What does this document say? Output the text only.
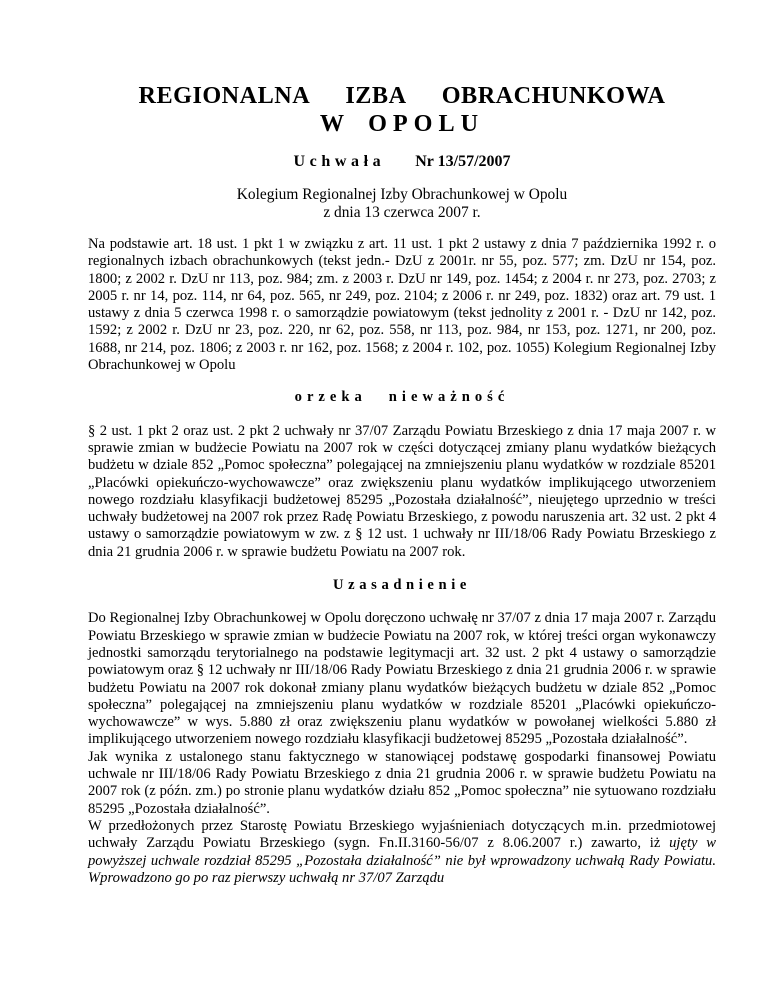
REGIONALNA IZBA OBRACHUNKOWA
W OPOLU
Uchwała Nr 13/57/2007
Kolegium Regionalnej Izby Obrachunkowej w Opolu
z dnia 13 czerwca 2007 r.

Na podstawie art. 18 ust. 1 pkt 1 w związku z art. 11 ust. 1 pkt 2 ustawy z dnia 7 października 1992 r. o regionalnych izbach obrachunkowych (tekst jedn.- DzU z 2001r. nr 55, poz. 577; zm. DzU nr 154, poz. 1800; z 2002 r. DzU nr 113, poz. 984; zm. z 2003 r. DzU nr 149, poz. 1454; z 2004 r. nr 273, poz. 2703; z 2005 r. nr 14, poz. 114, nr 64, poz. 565, nr 249, poz. 2104; z 2006 r. nr 249, poz. 1832) oraz art. 79 ust. 1 ustawy z dnia 5 czerwca 1998 r. o samorządzie powiatowym (tekst jednolity z 2001 r. - DzU nr 142, poz. 1592; z 2002 r. DzU nr 23, poz. 220, nr 62, poz. 558, nr 113, poz. 984, nr 153, poz. 1271, nr 200, poz. 1688, nr 214, poz. 1806; z 2003 r. nr 162, poz. 1568; z 2004 r. 102, poz. 1055) Kolegium Regionalnej Izby Obrachunkowej w Opolu

orzeka nieważność

§ 2 ust. 1 pkt 2 oraz ust. 2 pkt 2 uchwały nr 37/07 Zarządu Powiatu Brzeskiego z dnia 17 maja 2007 r. w sprawie zmian w budżecie Powiatu na 2007 rok w części dotyczącej zmiany planu wydatków bieżących budżetu w dziale 852 „Pomoc społeczna” polegającej na zmniejszeniu planu wydatków w rozdziale 85201 „Placówki opiekuńczo-wychowawcze” oraz zwiększeniu planu wydatków implikującego utworzeniem nowego rozdziału klasyfikacji budżetowej 85295 „Pozostała działalność”, nieujętego uprzednio w treści uchwały budżetowej na 2007 rok przez Radę Powiatu Brzeskiego, z powodu naruszenia art. 32 ust. 2 pkt 4 ustawy o samorządzie powiatowym w zw. z § 12 ust. 1 uchwały nr III/18/06 Rady Powiatu Brzeskiego z dnia 21 grudnia 2006 r. w sprawie budżetu Powiatu na 2007 rok.

Uzasadnienie

Do Regionalnej Izby Obrachunkowej w Opolu doręczono uchwałę nr 37/07 z dnia 17 maja 2007 r. Zarządu Powiatu Brzeskiego w sprawie zmian w budżecie Powiatu na 2007 rok, w której treści organ wykonawczy jednostki samorządu terytorialnego na podstawie legitymacji art. 32 ust. 2 pkt 4 ustawy o samorządzie powiatowym oraz § 12 uchwały nr III/18/06 Rady Powiatu Brzeskiego z dnia 21 grudnia 2006 r. w sprawie budżetu Powiatu na 2007 rok dokonał zmiany planu wydatków bieżących budżetu w dziale 852 „Pomoc społeczna” polegającej na zmniejszeniu planu wydatków w rozdziale 85201 „Placówki opiekuńczo-wychowawcze” w wys. 5.880 zł oraz zwiększeniu planu wydatków w powołanej wielkości 5.880 zł implikującego utworzeniem nowego rozdziału klasyfikacji budżetowej 85295 „Pozostała działalność”.

Jak wynika z ustalonego stanu faktycznego w stanowiącej podstawę gospodarki finansowej Powiatu uchwale nr III/18/06 Rady Powiatu Brzeskiego z dnia 21 grudnia 2006 r. w sprawie budżetu Powiatu na 2007 rok (z późn. zm.) po stronie planu wydatków działu 852 „Pomoc społeczna” nie sytuowano rozdziału 85295 „Pozostała działalność”.

W przedłożonych przez Starostę Powiatu Brzeskiego wyjaśnieniach dotyczących m.in. przedmiotowej uchwały Zarządu Powiatu Brzeskiego (sygn. Fn.II.3160-56/07 z 8.06.2007 r.) zawarto, iż ujęty w powyższej uchwale rozdział 85295 „Pozostała działalność” nie był wprowadzony uchwałą Rady Powiatu. Wprowadzono go po raz pierwszy uchwałą nr 37/07 Zarządu
